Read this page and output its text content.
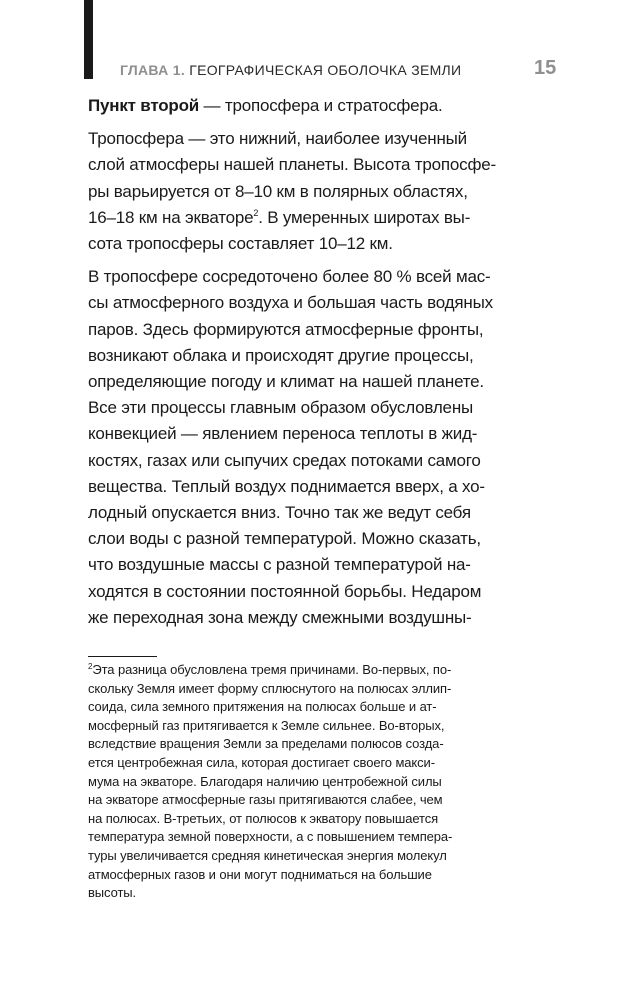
ГЛАВА 1. ГЕОГРАФИЧЕСКАЯ ОБОЛОЧКА ЗЕМЛИ	15
Пункт второй — тропосфера и стратосфера.
Тропосфера — это нижний, наиболее изученный
слой атмосферы нашей планеты. Высота тропосфе-
ры варьируется от 8–10 км в полярных областях,
16–18 км на экваторе$^2$. В умеренных широтах вы-
сота тропосферы составляет 10–12 км.
В тропосфере сосредоточено более 80 % всей мас-
сы атмосферного воздуха и большая часть водяных
паров. Здесь формируются атмосферные фронты,
возникают облака и происходят другие процессы,
определяющие погоду и климат на нашей планете.
Все эти процессы главным образом обусловлены
конвекцией — явлением переноса теплоты в жид-
костях, газах или сыпучих средах потоками самого
вещества. Теплый воздух поднимается вверх, а хо-
лодный опускается вниз. Точно так же ведут себя
слои воды с разной температурой. Можно сказать,
что воздушные массы с разной температурой на-
ходятся в состоянии постоянной борьбы. Недаром
же переходная зона между смежными воздушны-
$^2$Эта разница обусловлена тремя причинами. Во-первых, по-
скольку Земля имеет форму сплюснутого на полюсах эллип-
соида, сила земного притяжения на полюсах больше и ат-
мосферный газ притягивается к Земле сильнее. Во-вторых,
вследствие вращения Земли за пределами полюсов созда-
ется центробежная сила, которая достигает своего макси-
мума на экваторе. Благодаря наличию центробежной силы
на экваторе атмосферные газы притягиваются слабее, чем
на полюсах. В-третьих, от полюсов к экватору повышается
температура земной поверхности, а с повышением темпера-
туры увеличивается средняя кинетическая энергия молекул
атмосферных газов и они могут подниматься на большие
высоты.
